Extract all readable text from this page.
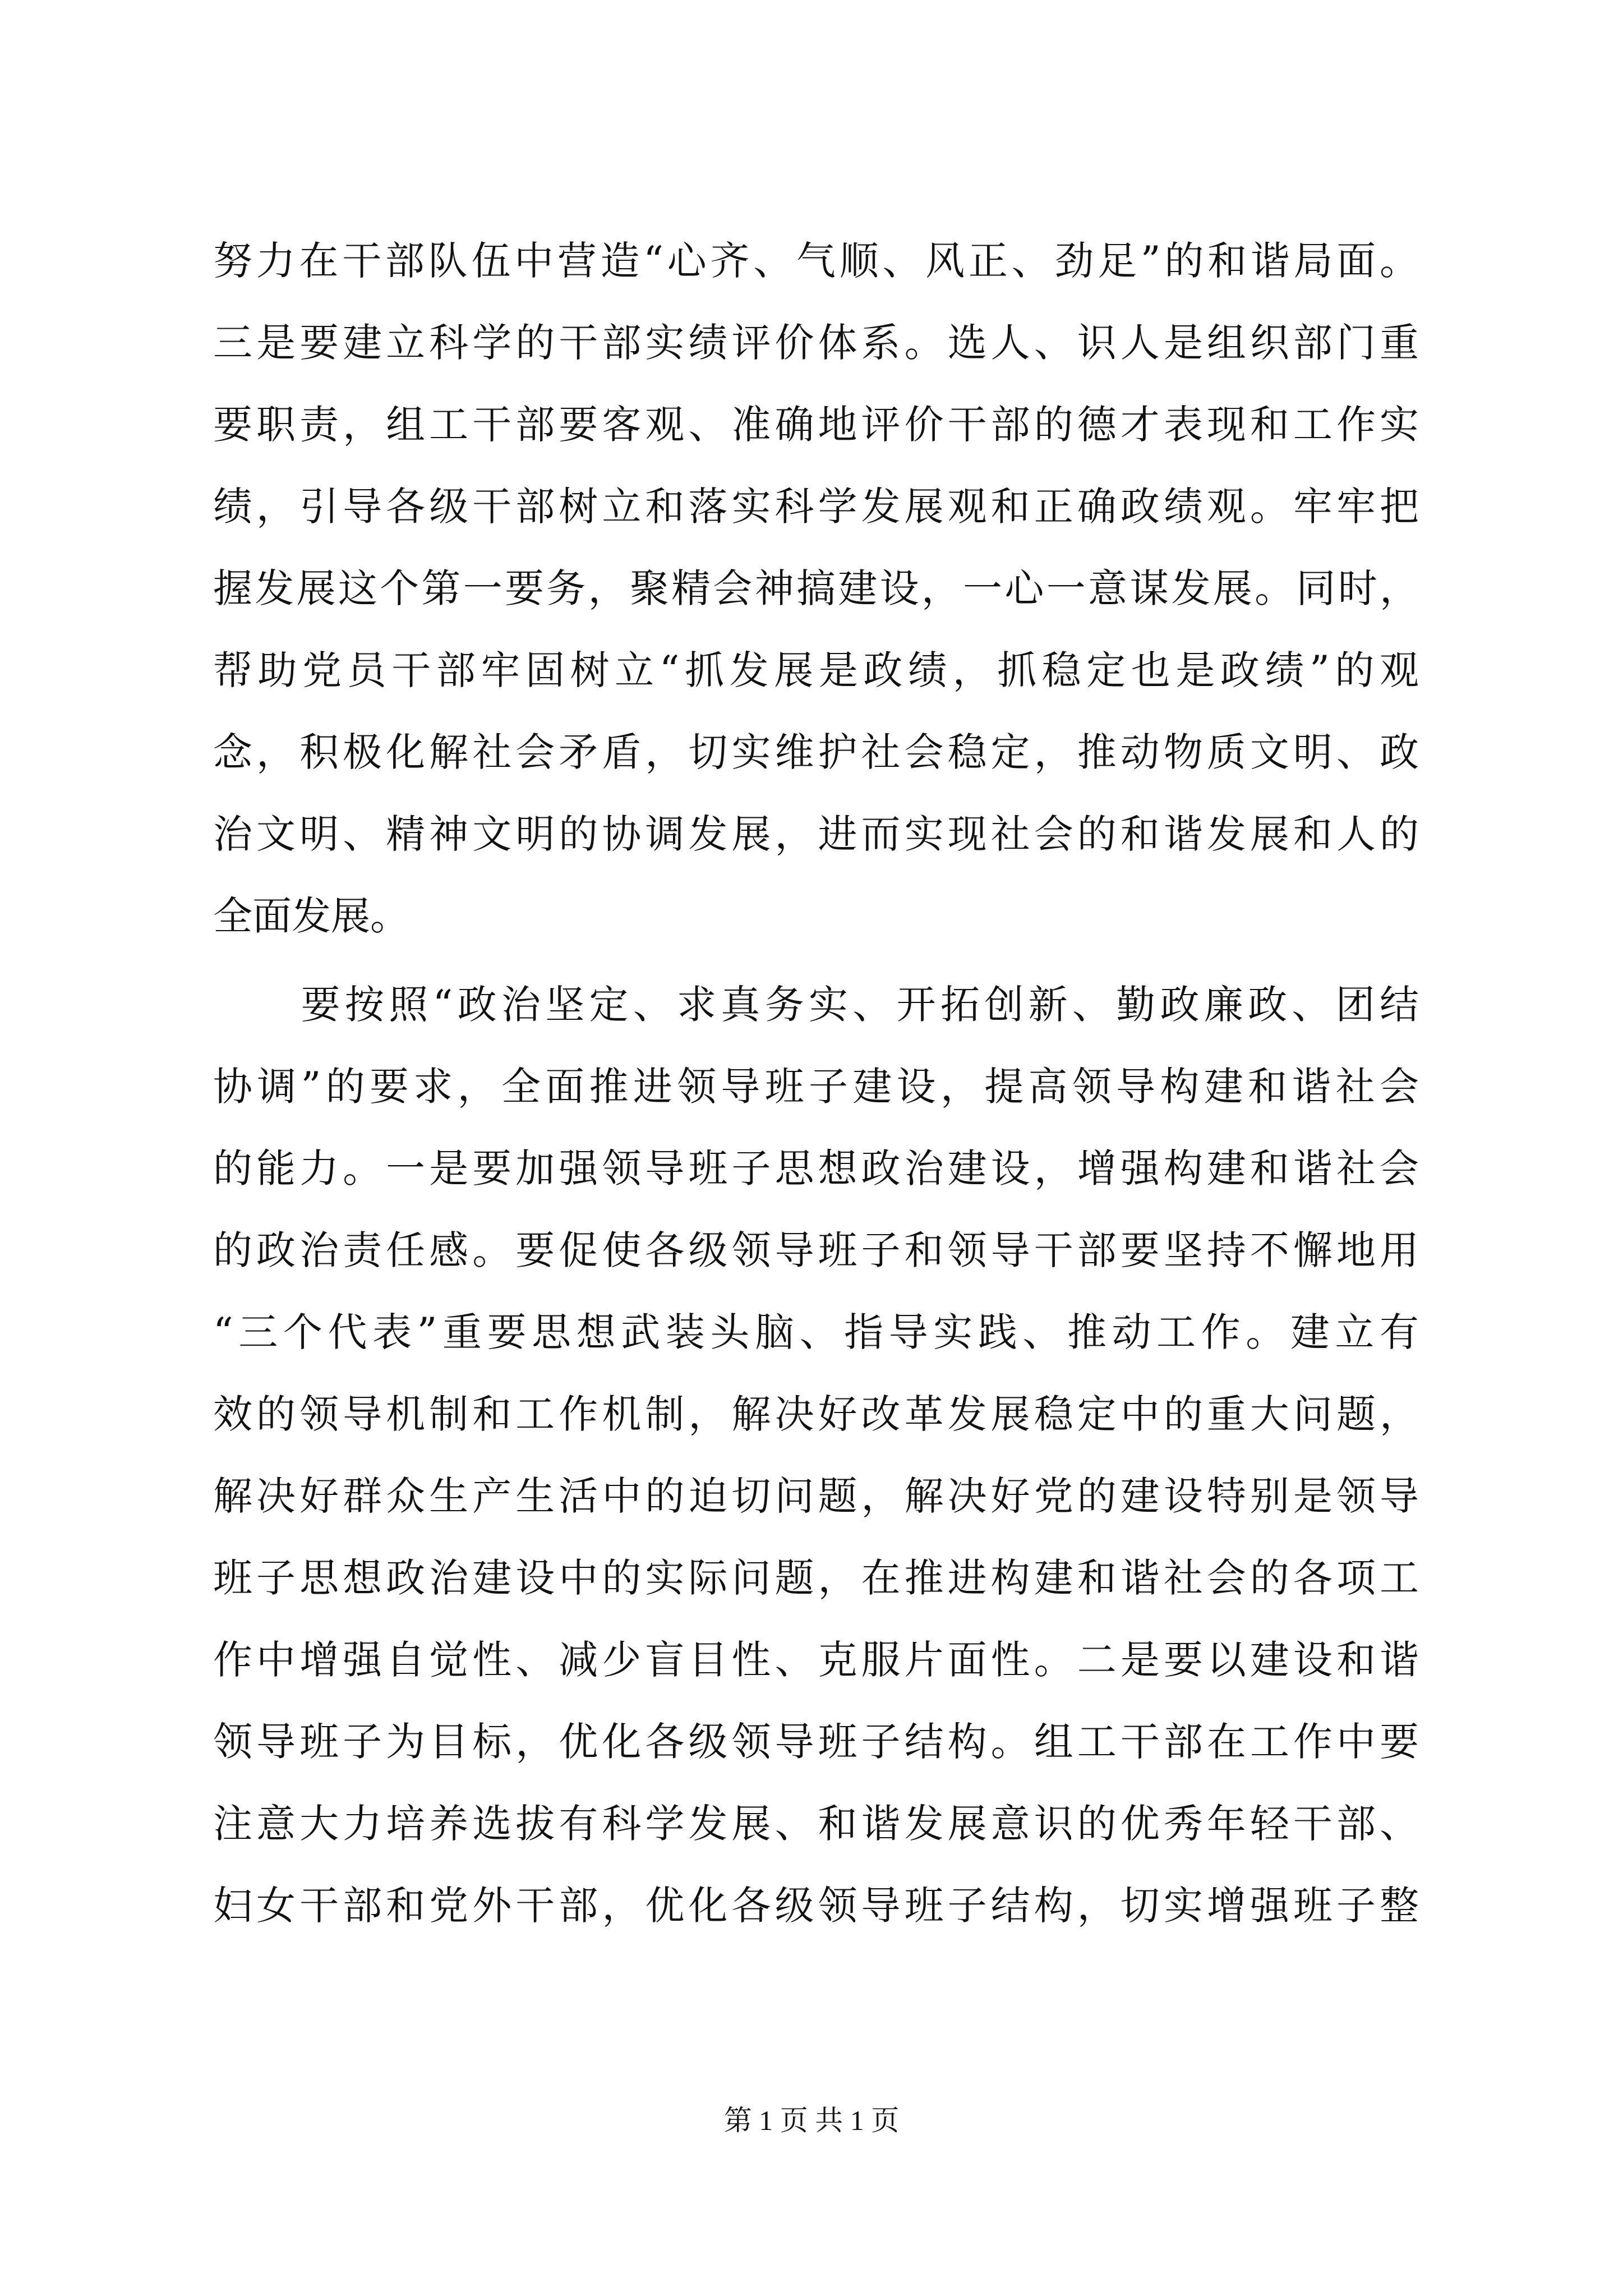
努力在干部队伍中营造“心齐、气顺、风正、劲足”的和谐局面。
三是要建立科学的干部实绩评价体系。选人、识人是组织部门重
要职责，组工干部要客观、准确地评价干部的德才表现和工作实
绩，引导各级干部树立和落实科学发展观和正确政绩观。牢牢把
握发展这个第一要务，聚精会神搞建设，一心一意谋发展。同时，
帮助党员干部牢固树立“抓发展是政绩，抓稳定也是政绩”的观
念，积极化解社会矛盾，切实维护社会稳定，推动物质文明、政
治文明、精神文明的协调发展，进而实现社会的和谐发展和人的
全面发展。
　　要按照“政治坚定、求真务实、开拓创新、勤政廉政、团结
协调”的要求，全面推进领导班子建设，提高领导构建和谐社会
的能力。一是要加强领导班子思想政治建设，增强构建和谐社会
的政治责任感。要促使各级领导班子和领导干部要坚持不懈地用
“三个代表”重要思想武装头脑、指导实践、推动工作。建立有
效的领导机制和工作机制，解决好改革发展稳定中的重大问题，
解决好群众生产生活中的迫切问题，解决好党的建设特别是领导
班子思想政治建设中的实际问题，在推进构建和谐社会的各项工
作中增强自觉性、减少盲目性、克服片面性。二是要以建设和谐
领导班子为目标，优化各级领导班子结构。组工干部在工作中要
注意大力培养选拔有科学发展、和谐发展意识的优秀年轻干部、
妇女干部和党外干部，优化各级领导班子结构，切实增强班子整
第 1 页 共 1 页
